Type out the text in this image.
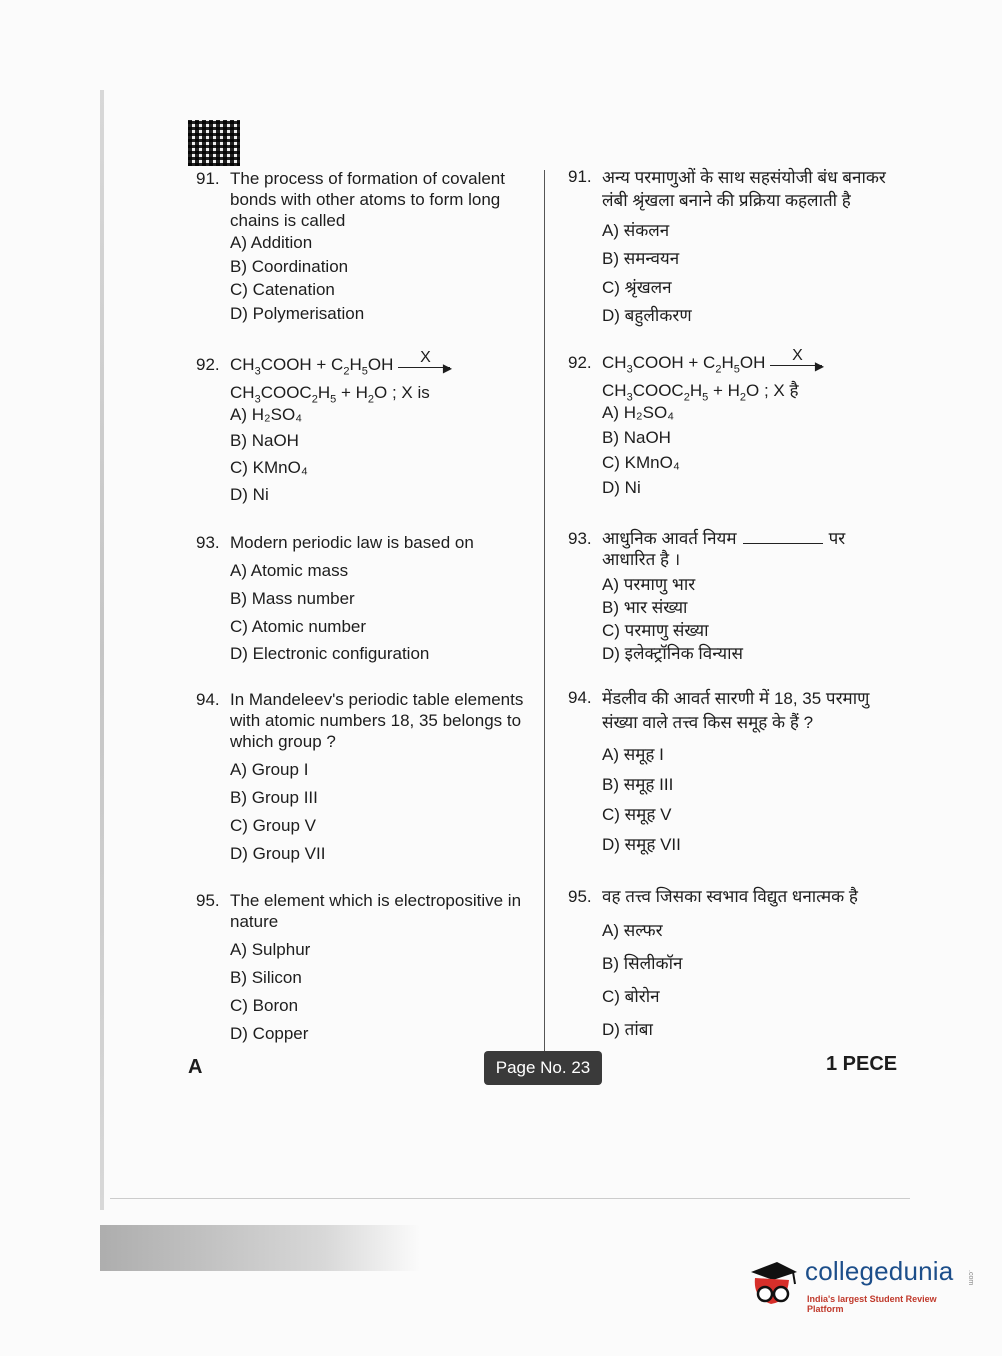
91. The process of formation of covalent bonds with other atoms to form long chains is called
A) Addition
B) Coordination
C) Catenation
D) Polymerisation
92. $CH_3COOH + C_2H_5OH$ X
▶
$CH_3COOC_2H_5 + H_2O$ ; X is
A) H₂SO₄
B) NaOH
C) KMnO₄
D) Ni
93. Modern periodic law is based on
A) Atomic mass
B) Mass number
C) Atomic number
D) Electronic configuration
94. In Mandeleev's periodic table elements with atomic numbers 18, 35 belongs to which group ?
A) Group I
B) Group III
C) Group V
D) Group VII
95. The element which is electropositive in nature
A) Sulphur
B) Silicon
C) Boron
D) Copper
91. अन्य परमाणुओं के साथ सहसंयोजी बंध बनाकर लंबी श्रृंखला बनाने की प्रक्रिया कहलाती है
A) संकलन
B) समन्वयन
C) श्रृंखलन
D) बहुलीकरण
92. $CH_3COOH + C_2H_5OH$ X
▶
$CH_3COOC_2H_5 + H_2O$ ; X है
A) H₂SO₄
B) NaOH
C) KMnO₄
D) Ni
93. आधुनिक आवर्त नियम	पर
आधारित है ।
A) परमाणु भार
B) भार संख्या
C) परमाणु संख्या
D) इलेक्ट्रॉनिक विन्यास
94. मेंडलीव की आवर्त सारणी में 18, 35 परमाणु संख्या वाले तत्त्व किस समूह के हैं ?
A) समूह I
B) समूह III
C) समूह V
D) समूह VII
95. वह तत्त्व जिसका स्वभाव विद्युत धनात्मक है
A) सल्फर
B) सिलीकॉन
C) बोरोन
D) तांबा
A	Page No. 23	1 PECE
collegedunia .com
India's largest Student Review Platform
